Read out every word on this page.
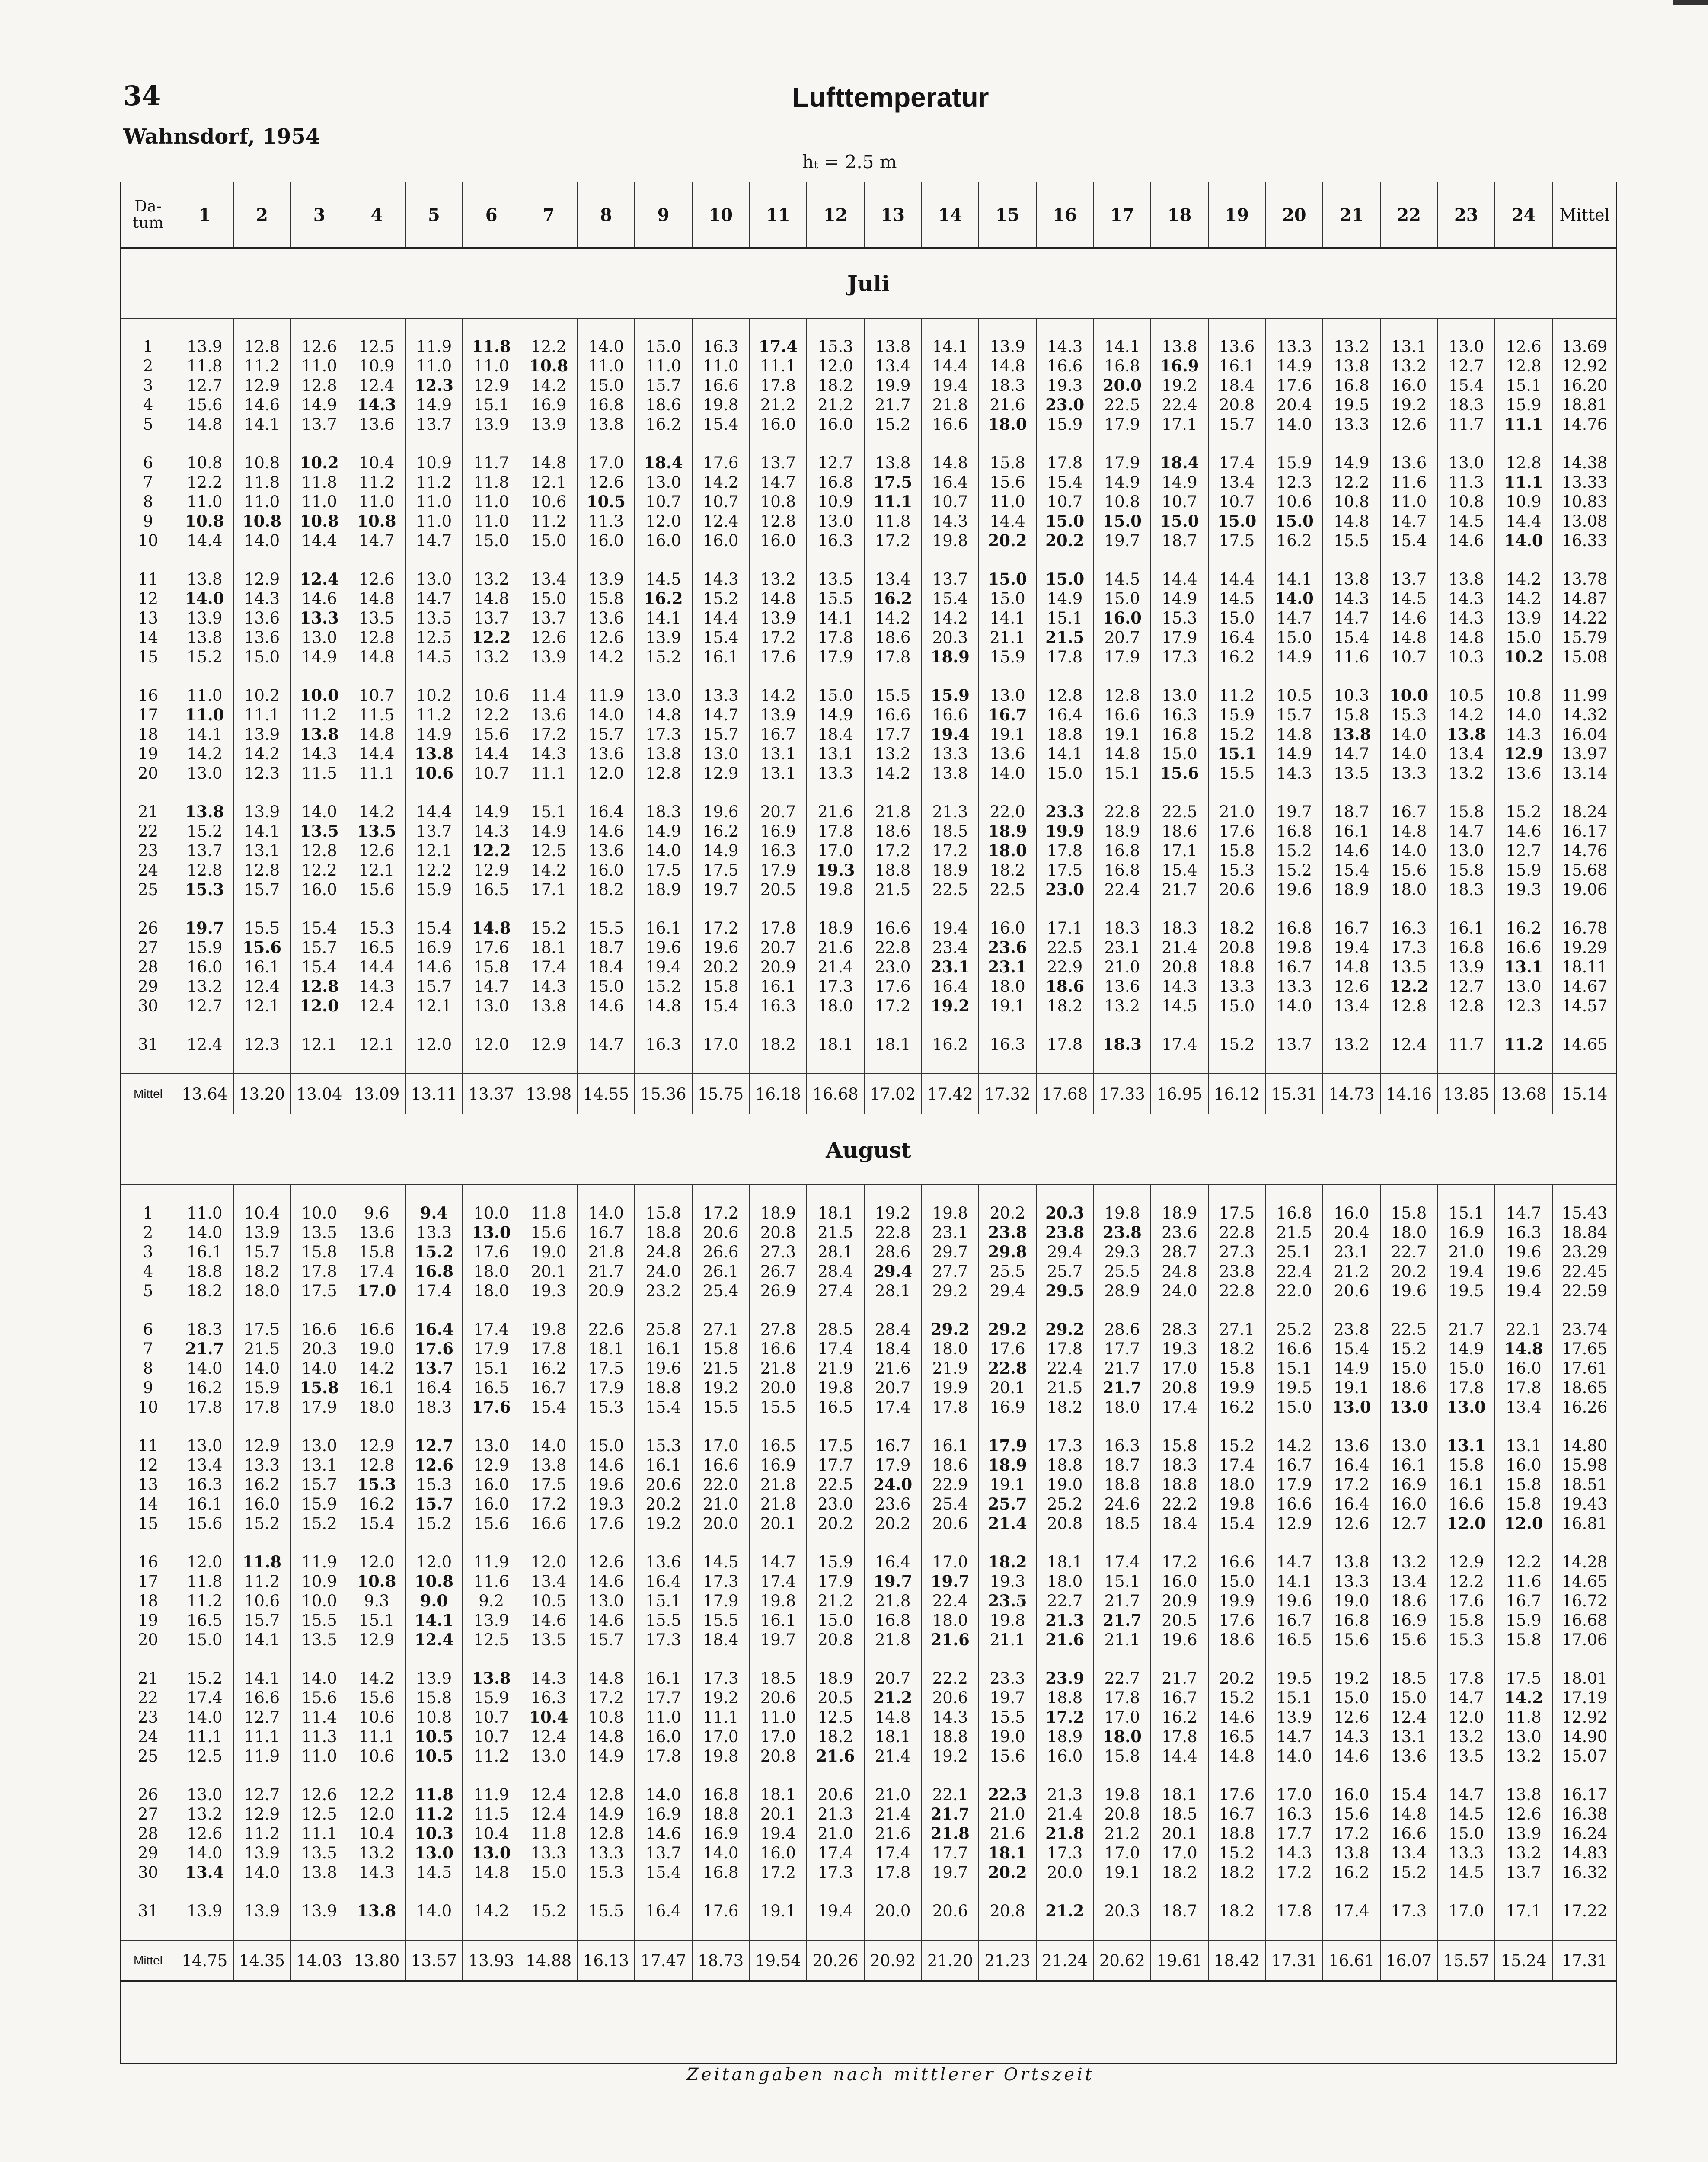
34	Lufttemperatur
Wahnsdorf, 1954
hₜ = 2.5 m
Da-
tum	1	2	3	4	5	6	7	8	9	10	11	12	13	14	15	16	17	18	19	20	21	22	23	24	Mittel
Juli																									

1	13.9	12.8	12.6	12.5	11.9	11.8	12.2	14.0	15.0	16.3	17.4	15.3	13.8	14.1	13.9	14.3	14.1	13.8	13.6	13.3	13.2	13.1	13.0	12.6	13.69
2	11.8	11.2	11.0	10.9	11.0	11.0	10.8	11.0	11.0	11.0	11.1	12.0	13.4	14.4	14.8	16.6	16.8	16.9	16.1	14.9	13.8	13.2	12.7	12.8	12.92
3	12.7	12.9	12.8	12.4	12.3	12.9	14.2	15.0	15.7	16.6	17.8	18.2	19.9	19.4	18.3	19.3	20.0	19.2	18.4	17.6	16.8	16.0	15.4	15.1	16.20
4	15.6	14.6	14.9	14.3	14.9	15.1	16.9	16.8	18.6	19.8	21.2	21.2	21.7	21.8	21.6	23.0	22.5	22.4	20.8	20.4	19.5	19.2	18.3	15.9	18.81
5	14.8	14.1	13.7	13.6	13.7	13.9	13.9	13.8	16.2	15.4	16.0	16.0	15.2	16.6	18.0	15.9	17.9	17.1	15.7	14.0	13.3	12.6	11.7	11.1	14.76

6	10.8	10.8	10.2	10.4	10.9	11.7	14.8	17.0	18.4	17.6	13.7	12.7	13.8	14.8	15.8	17.8	17.9	18.4	17.4	15.9	14.9	13.6	13.0	12.8	14.38
7	12.2	11.8	11.8	11.2	11.2	11.8	12.1	12.6	13.0	14.2	14.7	16.8	17.5	16.4	15.6	15.4	14.9	14.9	13.4	12.3	12.2	11.6	11.3	11.1	13.33
8	11.0	11.0	11.0	11.0	11.0	11.0	10.6	10.5	10.7	10.7	10.8	10.9	11.1	10.7	11.0	10.7	10.8	10.7	10.7	10.6	10.8	11.0	10.8	10.9	10.83
9	10.8	10.8	10.8	10.8	11.0	11.0	11.2	11.3	12.0	12.4	12.8	13.0	11.8	14.3	14.4	15.0	15.0	15.0	15.0	15.0	14.8	14.7	14.5	14.4	13.08
10	14.4	14.0	14.4	14.7	14.7	15.0	15.0	16.0	16.0	16.0	16.0	16.3	17.2	19.8	20.2	20.2	19.7	18.7	17.5	16.2	15.5	15.4	14.6	14.0	16.33

11	13.8	12.9	12.4	12.6	13.0	13.2	13.4	13.9	14.5	14.3	13.2	13.5	13.4	13.7	15.0	15.0	14.5	14.4	14.4	14.1	13.8	13.7	13.8	14.2	13.78
12	14.0	14.3	14.6	14.8	14.7	14.8	15.0	15.8	16.2	15.2	14.8	15.5	16.2	15.4	15.0	14.9	15.0	14.9	14.5	14.0	14.3	14.5	14.3	14.2	14.87
13	13.9	13.6	13.3	13.5	13.5	13.7	13.7	13.6	14.1	14.4	13.9	14.1	14.2	14.2	14.1	15.1	16.0	15.3	15.0	14.7	14.7	14.6	14.3	13.9	14.22
14	13.8	13.6	13.0	12.8	12.5	12.2	12.6	12.6	13.9	15.4	17.2	17.8	18.6	20.3	21.1	21.5	20.7	17.9	16.4	15.0	15.4	14.8	14.8	15.0	15.79
15	15.2	15.0	14.9	14.8	14.5	13.2	13.9	14.2	15.2	16.1	17.6	17.9	17.8	18.9	15.9	17.8	17.9	17.3	16.2	14.9	11.6	10.7	10.3	10.2	15.08

16	11.0	10.2	10.0	10.7	10.2	10.6	11.4	11.9	13.0	13.3	14.2	15.0	15.5	15.9	13.0	12.8	12.8	13.0	11.2	10.5	10.3	10.0	10.5	10.8	11.99
17	11.0	11.1	11.2	11.5	11.2	12.2	13.6	14.0	14.8	14.7	13.9	14.9	16.6	16.6	16.7	16.4	16.6	16.3	15.9	15.7	15.8	15.3	14.2	14.0	14.32
18	14.1	13.9	13.8	14.8	14.9	15.6	17.2	15.7	17.3	15.7	16.7	18.4	17.7	19.4	19.1	18.8	19.1	16.8	15.2	14.8	13.8	14.0	13.8	14.3	16.04
19	14.2	14.2	14.3	14.4	13.8	14.4	14.3	13.6	13.8	13.0	13.1	13.1	13.2	13.3	13.6	14.1	14.8	15.0	15.1	14.9	14.7	14.0	13.4	12.9	13.97
20	13.0	12.3	11.5	11.1	10.6	10.7	11.1	12.0	12.8	12.9	13.1	13.3	14.2	13.8	14.0	15.0	15.1	15.6	15.5	14.3	13.5	13.3	13.2	13.6	13.14

21	13.8	13.9	14.0	14.2	14.4	14.9	15.1	16.4	18.3	19.6	20.7	21.6	21.8	21.3	22.0	23.3	22.8	22.5	21.0	19.7	18.7	16.7	15.8	15.2	18.24
22	15.2	14.1	13.5	13.5	13.7	14.3	14.9	14.6	14.9	16.2	16.9	17.8	18.6	18.5	18.9	19.9	18.9	18.6	17.6	16.8	16.1	14.8	14.7	14.6	16.17
23	13.7	13.1	12.8	12.6	12.1	12.2	12.5	13.6	14.0	14.9	16.3	17.0	17.2	17.2	18.0	17.8	16.8	17.1	15.8	15.2	14.6	14.0	13.0	12.7	14.76
24	12.8	12.8	12.2	12.1	12.2	12.9	14.2	16.0	17.5	17.5	17.9	19.3	18.8	18.9	18.2	17.5	16.8	15.4	15.3	15.2	15.4	15.6	15.8	15.9	15.68
25	15.3	15.7	16.0	15.6	15.9	16.5	17.1	18.2	18.9	19.7	20.5	19.8	21.5	22.5	22.5	23.0	22.4	21.7	20.6	19.6	18.9	18.0	18.3	19.3	19.06

26	19.7	15.5	15.4	15.3	15.4	14.8	15.2	15.5	16.1	17.2	17.8	18.9	16.6	19.4	16.0	17.1	18.3	18.3	18.2	16.8	16.7	16.3	16.1	16.2	16.78
27	15.9	15.6	15.7	16.5	16.9	17.6	18.1	18.7	19.6	19.6	20.7	21.6	22.8	23.4	23.6	22.5	23.1	21.4	20.8	19.8	19.4	17.3	16.8	16.6	19.29
28	16.0	16.1	15.4	14.4	14.6	15.8	17.4	18.4	19.4	20.2	20.9	21.4	23.0	23.1	23.1	22.9	21.0	20.8	18.8	16.7	14.8	13.5	13.9	13.1	18.11
29	13.2	12.4	12.8	14.3	15.7	14.7	14.3	15.0	15.2	15.8	16.1	17.3	17.6	16.4	18.0	18.6	13.6	14.3	13.3	13.3	12.6	12.2	12.7	13.0	14.67
30	12.7	12.1	12.0	12.4	12.1	13.0	13.8	14.6	14.8	15.4	16.3	18.0	17.2	19.2	19.1	18.2	13.2	14.5	15.0	14.0	13.4	12.8	12.8	12.3	14.57

31	12.4	12.3	12.1	12.1	12.0	12.0	12.9	14.7	16.3	17.0	18.2	18.1	18.1	16.2	16.3	17.8	18.3	17.4	15.2	13.7	13.2	12.4	11.7	11.2	14.65

Mittel	13.64	13.20	13.04	13.09	13.11	13.37	13.98	14.55	15.36	15.75	16.18	16.68	17.02	17.42	17.32	17.68	17.33	16.95	16.12	15.31	14.73	14.16	13.85	13.68	15.14
August																									

1	11.0	10.4	10.0	9.6	9.4	10.0	11.8	14.0	15.8	17.2	18.9	18.1	19.2	19.8	20.2	20.3	19.8	18.9	17.5	16.8	16.0	15.8	15.1	14.7	15.43
2	14.0	13.9	13.5	13.6	13.3	13.0	15.6	16.7	18.8	20.6	20.8	21.5	22.8	23.1	23.8	23.8	23.8	23.6	22.8	21.5	20.4	18.0	16.9	16.3	18.84
3	16.1	15.7	15.8	15.8	15.2	17.6	19.0	21.8	24.8	26.6	27.3	28.1	28.6	29.7	29.8	29.4	29.3	28.7	27.3	25.1	23.1	22.7	21.0	19.6	23.29
4	18.8	18.2	17.8	17.4	16.8	18.0	20.1	21.7	24.0	26.1	26.7	28.4	29.4	27.7	25.5	25.7	25.5	24.8	23.8	22.4	21.2	20.2	19.4	19.6	22.45
5	18.2	18.0	17.5	17.0	17.4	18.0	19.3	20.9	23.2	25.4	26.9	27.4	28.1	29.2	29.4	29.5	28.9	24.0	22.8	22.0	20.6	19.6	19.5	19.4	22.59

6	18.3	17.5	16.6	16.6	16.4	17.4	19.8	22.6	25.8	27.1	27.8	28.5	28.4	29.2	29.2	29.2	28.6	28.3	27.1	25.2	23.8	22.5	21.7	22.1	23.74
7	21.7	21.5	20.3	19.0	17.6	17.9	17.8	18.1	16.1	15.8	16.6	17.4	18.4	18.0	17.6	17.8	17.7	19.3	18.2	16.6	15.4	15.2	14.9	14.8	17.65
8	14.0	14.0	14.0	14.2	13.7	15.1	16.2	17.5	19.6	21.5	21.8	21.9	21.6	21.9	22.8	22.4	21.7	17.0	15.8	15.1	14.9	15.0	15.0	16.0	17.61
9	16.2	15.9	15.8	16.1	16.4	16.5	16.7	17.9	18.8	19.2	20.0	19.8	20.7	19.9	20.1	21.5	21.7	20.8	19.9	19.5	19.1	18.6	17.8	17.8	18.65
10	17.8	17.8	17.9	18.0	18.3	17.6	15.4	15.3	15.4	15.5	15.5	16.5	17.4	17.8	16.9	18.2	18.0	17.4	16.2	15.0	13.0	13.0	13.0	13.4	16.26

11	13.0	12.9	13.0	12.9	12.7	13.0	14.0	15.0	15.3	17.0	16.5	17.5	16.7	16.1	17.9	17.3	16.3	15.8	15.2	14.2	13.6	13.0	13.1	13.1	14.80
12	13.4	13.3	13.1	12.8	12.6	12.9	13.8	14.6	16.1	16.6	16.9	17.7	17.9	18.6	18.9	18.8	18.7	18.3	17.4	16.7	16.4	16.1	15.8	16.0	15.98
13	16.3	16.2	15.7	15.3	15.3	16.0	17.5	19.6	20.6	22.0	21.8	22.5	24.0	22.9	19.1	19.0	18.8	18.8	18.0	17.9	17.2	16.9	16.1	15.8	18.51
14	16.1	16.0	15.9	16.2	15.7	16.0	17.2	19.3	20.2	21.0	21.8	23.0	23.6	25.4	25.7	25.2	24.6	22.2	19.8	16.6	16.4	16.0	16.6	15.8	19.43
15	15.6	15.2	15.2	15.4	15.2	15.6	16.6	17.6	19.2	20.0	20.1	20.2	20.2	20.6	21.4	20.8	18.5	18.4	15.4	12.9	12.6	12.7	12.0	12.0	16.81

16	12.0	11.8	11.9	12.0	12.0	11.9	12.0	12.6	13.6	14.5	14.7	15.9	16.4	17.0	18.2	18.1	17.4	17.2	16.6	14.7	13.8	13.2	12.9	12.2	14.28
17	11.8	11.2	10.9	10.8	10.8	11.6	13.4	14.6	16.4	17.3	17.4	17.9	19.7	19.7	19.3	18.0	15.1	16.0	15.0	14.1	13.3	13.4	12.2	11.6	14.65
18	11.2	10.6	10.0	9.3	9.0	9.2	10.5	13.0	15.1	17.9	19.8	21.2	21.8	22.4	23.5	22.7	21.7	20.9	19.9	19.6	19.0	18.6	17.6	16.7	16.72
19	16.5	15.7	15.5	15.1	14.1	13.9	14.6	14.6	15.5	15.5	16.1	15.0	16.8	18.0	19.8	21.3	21.7	20.5	17.6	16.7	16.8	16.9	15.8	15.9	16.68
20	15.0	14.1	13.5	12.9	12.4	12.5	13.5	15.7	17.3	18.4	19.7	20.8	21.8	21.6	21.1	21.6	21.1	19.6	18.6	16.5	15.6	15.6	15.3	15.8	17.06

21	15.2	14.1	14.0	14.2	13.9	13.8	14.3	14.8	16.1	17.3	18.5	18.9	20.7	22.2	23.3	23.9	22.7	21.7	20.2	19.5	19.2	18.5	17.8	17.5	18.01
22	17.4	16.6	15.6	15.6	15.8	15.9	16.3	17.2	17.7	19.2	20.6	20.5	21.2	20.6	19.7	18.8	17.8	16.7	15.2	15.1	15.0	15.0	14.7	14.2	17.19
23	14.0	12.7	11.4	10.6	10.8	10.7	10.4	10.8	11.0	11.1	11.0	12.5	14.8	14.3	15.5	17.2	17.0	16.2	14.6	13.9	12.6	12.4	12.0	11.8	12.92
24	11.1	11.1	11.3	11.1	10.5	10.7	12.4	14.8	16.0	17.0	17.0	18.2	18.1	18.8	19.0	18.9	18.0	17.8	16.5	14.7	14.3	13.1	13.2	13.0	14.90
25	12.5	11.9	11.0	10.6	10.5	11.2	13.0	14.9	17.8	19.8	20.8	21.6	21.4	19.2	15.6	16.0	15.8	14.4	14.8	14.0	14.6	13.6	13.5	13.2	15.07

26	13.0	12.7	12.6	12.2	11.8	11.9	12.4	12.8	14.0	16.8	18.1	20.6	21.0	22.1	22.3	21.3	19.8	18.1	17.6	17.0	16.0	15.4	14.7	13.8	16.17
27	13.2	12.9	12.5	12.0	11.2	11.5	12.4	14.9	16.9	18.8	20.1	21.3	21.4	21.7	21.0	21.4	20.8	18.5	16.7	16.3	15.6	14.8	14.5	12.6	16.38
28	12.6	11.2	11.1	10.4	10.3	10.4	11.8	12.8	14.6	16.9	19.4	21.0	21.6	21.8	21.6	21.8	21.2	20.1	18.8	17.7	17.2	16.6	15.0	13.9	16.24
29	14.0	13.9	13.5	13.2	13.0	13.0	13.3	13.3	13.7	14.0	16.0	17.4	17.4	17.7	18.1	17.3	17.0	17.0	15.2	14.3	13.8	13.4	13.3	13.2	14.83
30	13.4	14.0	13.8	14.3	14.5	14.8	15.0	15.3	15.4	16.8	17.2	17.3	17.8	19.7	20.2	20.0	19.1	18.2	18.2	17.2	16.2	15.2	14.5	13.7	16.32

31	13.9	13.9	13.9	13.8	14.0	14.2	15.2	15.5	16.4	17.6	19.1	19.4	20.0	20.6	20.8	21.2	20.3	18.7	18.2	17.8	17.4	17.3	17.0	17.1	17.22

Mittel	14.75	14.35	14.03	13.80	13.57	13.93	14.88	16.13	17.47	18.73	19.54	20.26	20.92	21.20	21.23	21.24	20.62	19.61	18.42	17.31	16.61	16.07	15.57	15.24	17.31
Zeitangaben nach mittlerer Ortszeit
